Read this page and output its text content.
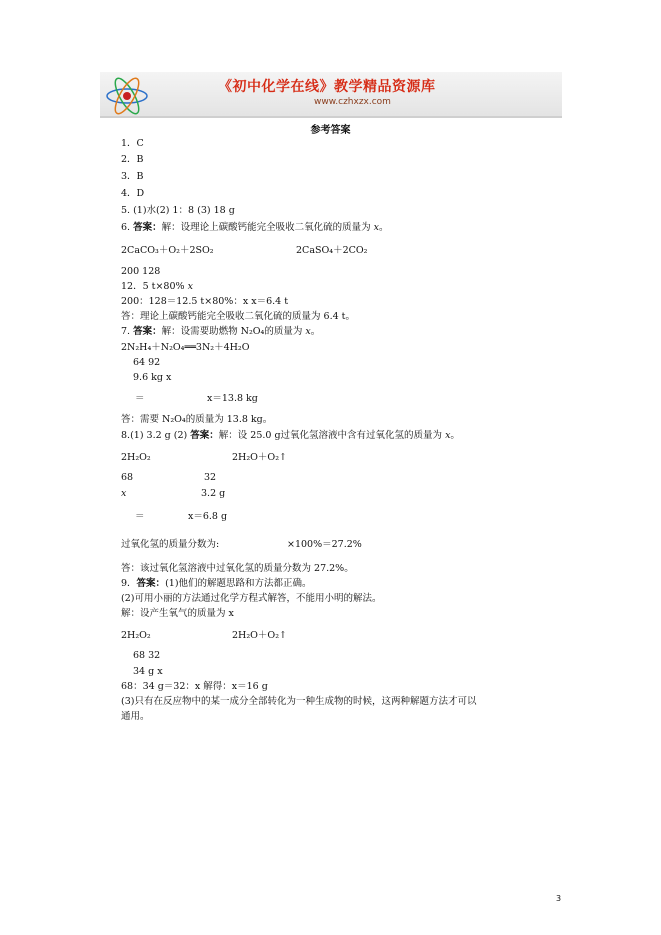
《初中化学在线》教学精品资源库
www.czhxzx.com
参考答案
1．C
2．B
3．B
4．D
5. (1)水(2) 1：8 (3) 18 g
6. 答案：解：设理论上碳酸钙能完全吸收二氧化硫的质量为 x。
2CaCO₃＋O₂＋2SO₂	2CaSO₄＋2CO₂
200 128
12．5 t×80% x
200：128＝12.5 t×80%：x x＝6.4 t
答：理论上碳酸钙能完全吸收二氧化硫的质量为 6.4 t。
7. 答案：解：设需要助燃物 N₂O₄的质量为 x。
2N₂H₄＋N₂O₄══3N₂＋4H₂O
64 92
9.6 kg x
＝	x＝13.8 kg
答：需要 N₂O₄的质量为 13.8 kg。
8.(1) 3.2 g (2) 答案：解：设 25.0 g过氧化氢溶液中含有过氧化氢的质量为 x。
2H₂O₂	2H₂O＋O₂↑
68	32
x	3.2 g
＝	x＝6.8 g
过氧化氢的质量分数为:	×100%＝27.2%
答：该过氧化氢溶液中过氧化氢的质量分数为 27.2%。
9．答案：(1)他们的解题思路和方法都正确。
(2)可用小丽的方法通过化学方程式解答，不能用小明的解法。
解：设产生氧气的质量为 x
2H₂O₂	2H₂O＋O₂↑
68 32
34 g x
68：34 g＝32：x 解得：x＝16 g
(3)只有在反应物中的某一成分全部转化为一种生成物的时候，这两种解题方法才可以
通用。
3
